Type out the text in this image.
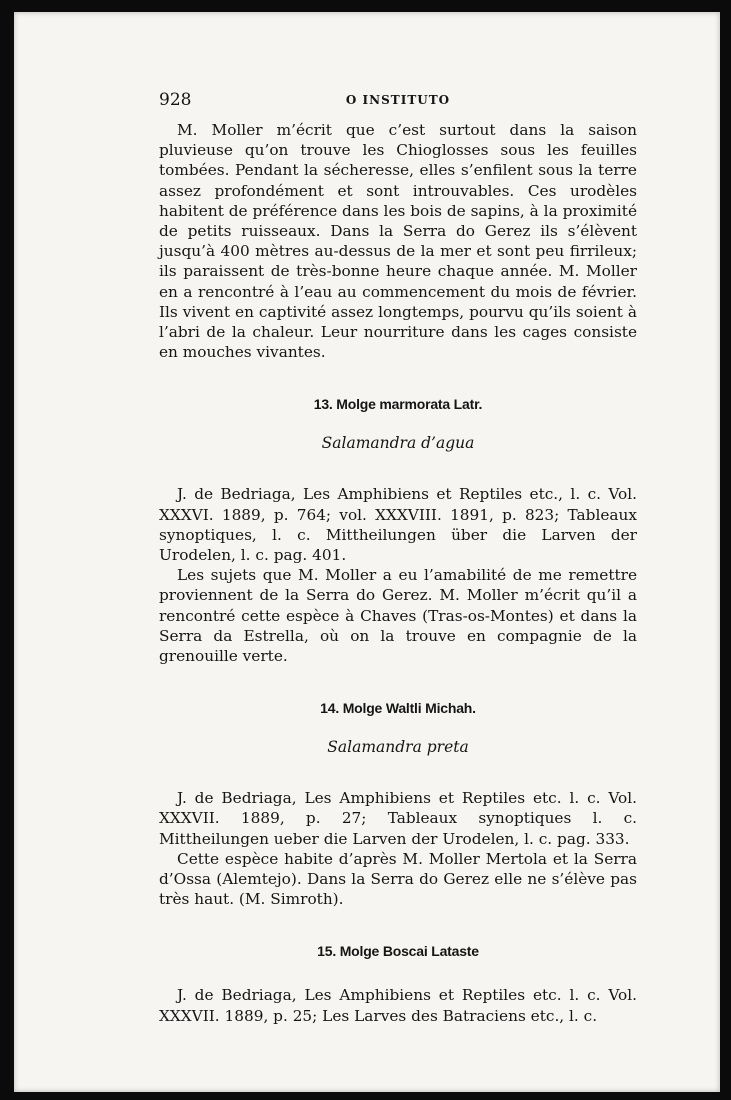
928	O INSTITUTO

M. Moller m’écrit que c’est surtout dans la saison pluvieuse qu’on trouve les Chioglosses sous les feuilles tombées. Pendant la sécheresse, elles s’enfilent sous la terre assez profondément et sont introuvables. Ces urodèles habitent de préférence dans les bois de sapins, à la proximité de petits ruisseaux. Dans la Serra do Gerez ils s’élèvent jusqu’à 400 mètres au-dessus de la mer et sont peu firrileux; ils paraissent de très-bonne heure chaque année. M. Moller en a rencontré à l’eau au commencement du mois de février. Ils vivent en captivité assez longtemps, pourvu qu’ils soient à l’abri de la chaleur. Leur nourriture dans les cages consiste en mouches vivantes.

13. Molge marmorata Latr.
Salamandra d’agua

J. de Bedriaga, Les Amphibiens et Reptiles etc., l. c. Vol. XXXVI. 1889, p. 764; vol. XXXVIII. 1891, p. 823; Tableaux synoptiques, l. c. Mittheilungen über die Larven der Urodelen, l. c. pag. 401.

Les sujets que M. Moller a eu l’amabilité de me remettre proviennent de la Serra do Gerez. M. Moller m’écrit qu’il a rencontré cette espèce à Chaves (Tras-os-Montes) et dans la Serra da Estrella, où on la trouve en compagnie de la grenouille verte.

14. Molge Waltli Michah.
Salamandra preta

J. de Bedriaga, Les Amphibiens et Reptiles etc. l. c. Vol. XXXVII. 1889, p. 27; Tableaux synoptiques l. c. Mittheilungen ueber die Larven der Urodelen, l. c. pag. 333.

Cette espèce habite d’après M. Moller Mertola et la Serra d’Ossa (Alemtejo). Dans la Serra do Gerez elle ne s’élève pas très haut. (M. Simroth).

15. Molge Boscai Lataste

J. de Bedriaga, Les Amphibiens et Reptiles etc. l. c. Vol. XXXVII. 1889, p. 25; Les Larves des Batraciens etc., l. c.
